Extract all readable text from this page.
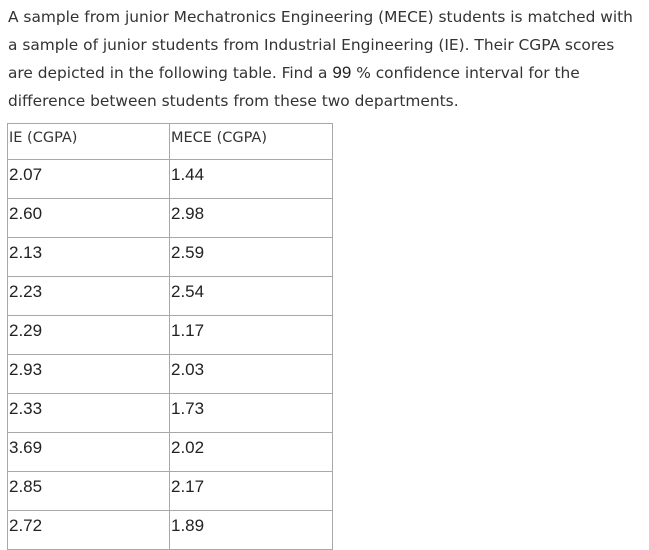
A sample from junior Mechatronics Engineering (MECE) students is matched with a sample of junior students from Industrial Engineering (IE). Their CGPA scores are depicted in the following table. Find a 99 % confidence interval for the difference between students from these two departments.

IE (CGPA)	MECE (CGPA)
2.07	1.44
2.60	2.98
2.13	2.59
2.23	2.54
2.29	1.17
2.93	2.03
2.33	1.73
3.69	2.02
2.85	2.17
2.72	1.89
